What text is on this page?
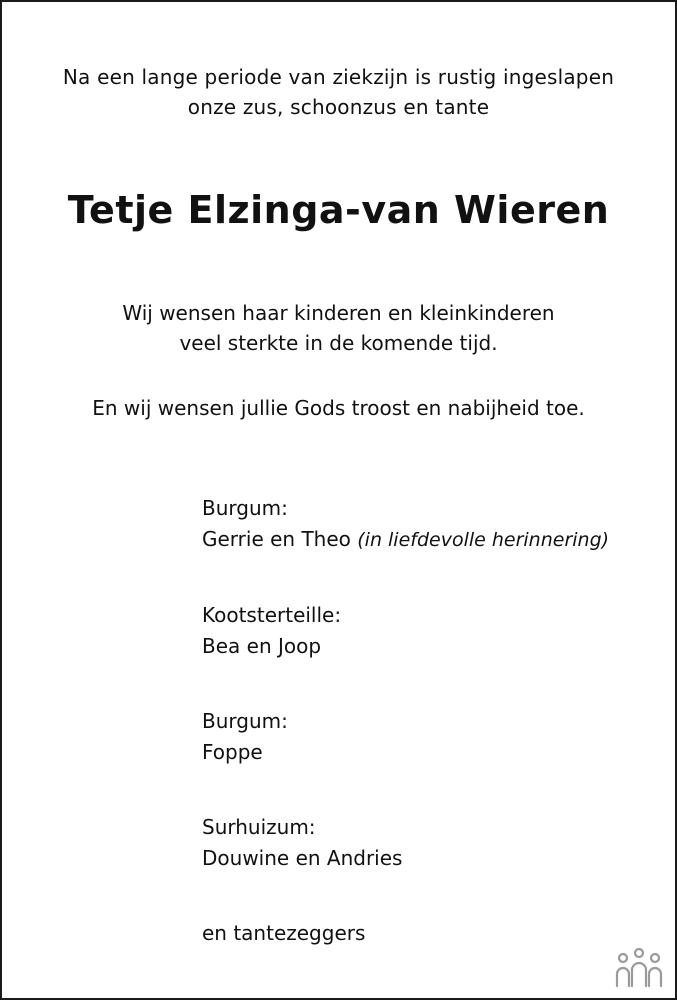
Na een lange periode van ziekzijn is rustig ingeslapen
onze zus, schoonzus en tante
Tetje Elzinga-van Wieren
Wij wensen haar kinderen en kleinkinderen
veel sterkte in de komende tijd.
En wij wensen jullie Gods troost en nabijheid toe.
Burgum:
Gerrie en Theo (in liefdevolle herinnering)
Kootsterteille:
Bea en Joop
Burgum:
Foppe
Surhuizum:
Douwine en Andries
en tantezeggers
